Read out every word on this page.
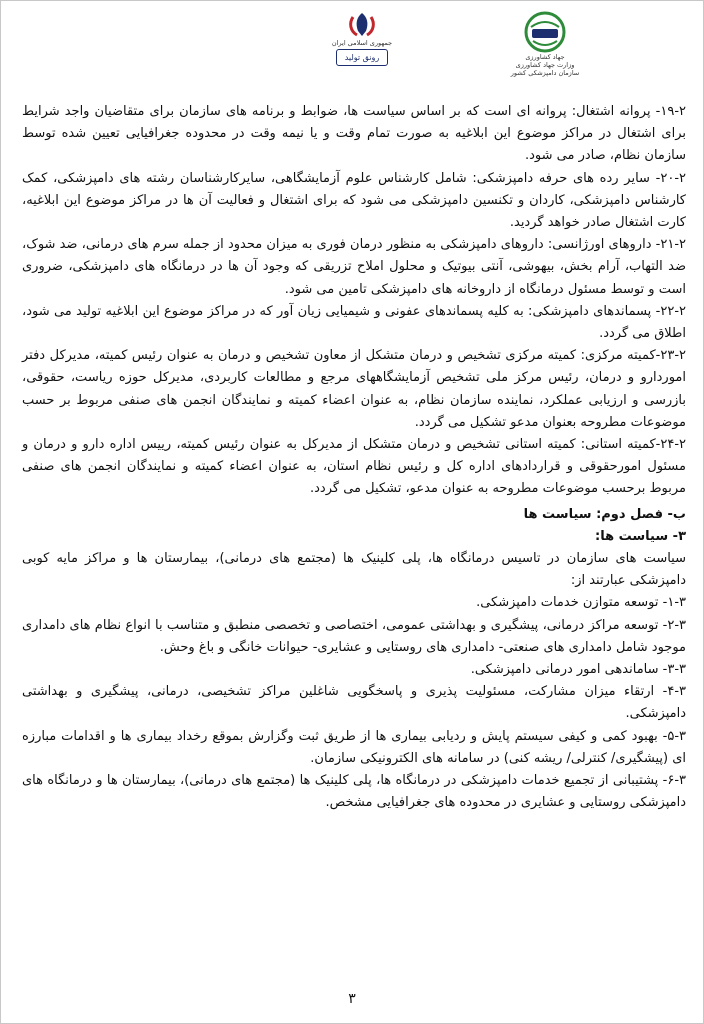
جهاد کشاورزی
وزارت جهاد کشاورزی
سازمان دامپزشکی کشور
جمهوری اسلامی ایران
رونق تولید

۱۹-۲- پروانه اشتغال: پروانه ای است که بر اساس سیاست ها، ضوابط و برنامه های سازمان برای متقاضیان واجد شرایط برای اشتغال در مراکز موضوع این ابلاغیه به صورت تمام وقت و یا نیمه وقت در محدوده جغرافیایی تعیین شده توسط سازمان نظام، صادر می شود.

۲۰-۲- سایر رده های حرفه دامپزشکی: شامل کارشناس علوم آزمایشگاهی، سایرکارشناسان رشته های دامپزشکی، کمک کارشناس دامپزشکی، کاردان و تکنسین دامپزشکی می شود که برای اشتغال و فعالیت آن ها در مراکز موضوع این ابلاغیه، کارت اشتغال صادر خواهد گردید.

۲۱-۲- داروهای اورژانسی: داروهای دامپزشکی به منظور درمان فوری به میزان محدود از جمله سرم های درمانی، ضد شوک، ضد التهاب، آرام بخش، بیهوشی، آنتی بیوتیک و محلول املاح تزریقی که وجود آن ها در درمانگاه های دامپزشکی، ضروری است و توسط مسئول درمانگاه از داروخانه های دامپزشکی تامین می شود.

۲۲-۲- پسماندهای دامپزشکی: به کلیه پسماندهای عفونی و شیمیایی زیان آور که در مراکز موضوع این ابلاغیه تولید می شود، اطلاق می گردد.

۲۳-۲-کمیته مرکزی: کمیته مرکزی تشخیص و درمان متشکل از معاون تشخیص و درمان به عنوان رئیس کمیته، مدیرکل دفتر اموردارو و درمان، رئیس مرکز ملی تشخیص آزمایشگاههای مرجع و مطالعات کاربردی، مدیرکل حوزه ریاست، حقوقی، بازرسی و ارزیابی عملکرد، نماینده سازمان نظام، به عنوان اعضاء کمیته و نمایندگان انجمن های صنفی مربوط بر حسب موضوعات مطروحه بعنوان مدعو تشکیل می گردد.

۲۴-۲-کمیته استانی: کمیته استانی تشخیص و درمان متشکل از مدیرکل به عنوان رئیس کمیته، رییس اداره دارو و درمان و مسئول امورحقوقی و قراردادهای اداره کل و رئیس نظام استان، به عنوان اعضاء کمیته و نمایندگان انجمن های صنفی مربوط برحسب موضوعات مطروحه به عنوان مدعو، تشکیل می گردد.

ب- فصل دوم: سیاست ها

۳- سیاست ها:

سیاست های سازمان در تاسیس درمانگاه ها، پلی کلینیک ها (مجتمع های درمانی)، بیمارستان ها و مراکز مایه کوبی دامپزشکی عبارتند از:

۱-۳- توسعه متوازن خدمات دامپزشکی.

۲-۳- توسعه مراکز درمانی، پیشگیری و بهداشتی عمومی، اختصاصی و تخصصی منطبق و متناسب با انواع نظام های دامداری موجود شامل دامداری های صنعتی- دامداری های روستایی و عشایری- حیوانات خانگی و باغ وحش.

۳-۳- ساماندهی امور درمانی دامپزشکی.

۴-۳- ارتقاء میزان مشارکت، مسئولیت پذیری و پاسخگویی شاغلین مراکز تشخیصی، درمانی، پیشگیری و بهداشتی دامپزشکی.

۵-۳- بهبود کمی و کیفی سیستم پایش و ردیابی بیماری ها از طریق ثبت وگزارش بموقع رخداد بیماری ها و اقدامات مبارزه ای (پیشگیری/ کنترلی/ ریشه کنی) در سامانه های الکترونیکی سازمان.

۶-۳- پشتیبانی از تجمیع خدمات دامپزشکی در درمانگاه ها، پلی کلینیک ها (مجتمع های درمانی)، بیمارستان ها و درمانگاه های دامپزشکی روستایی و عشایری در محدوده های جغرافیایی مشخص.

۳
